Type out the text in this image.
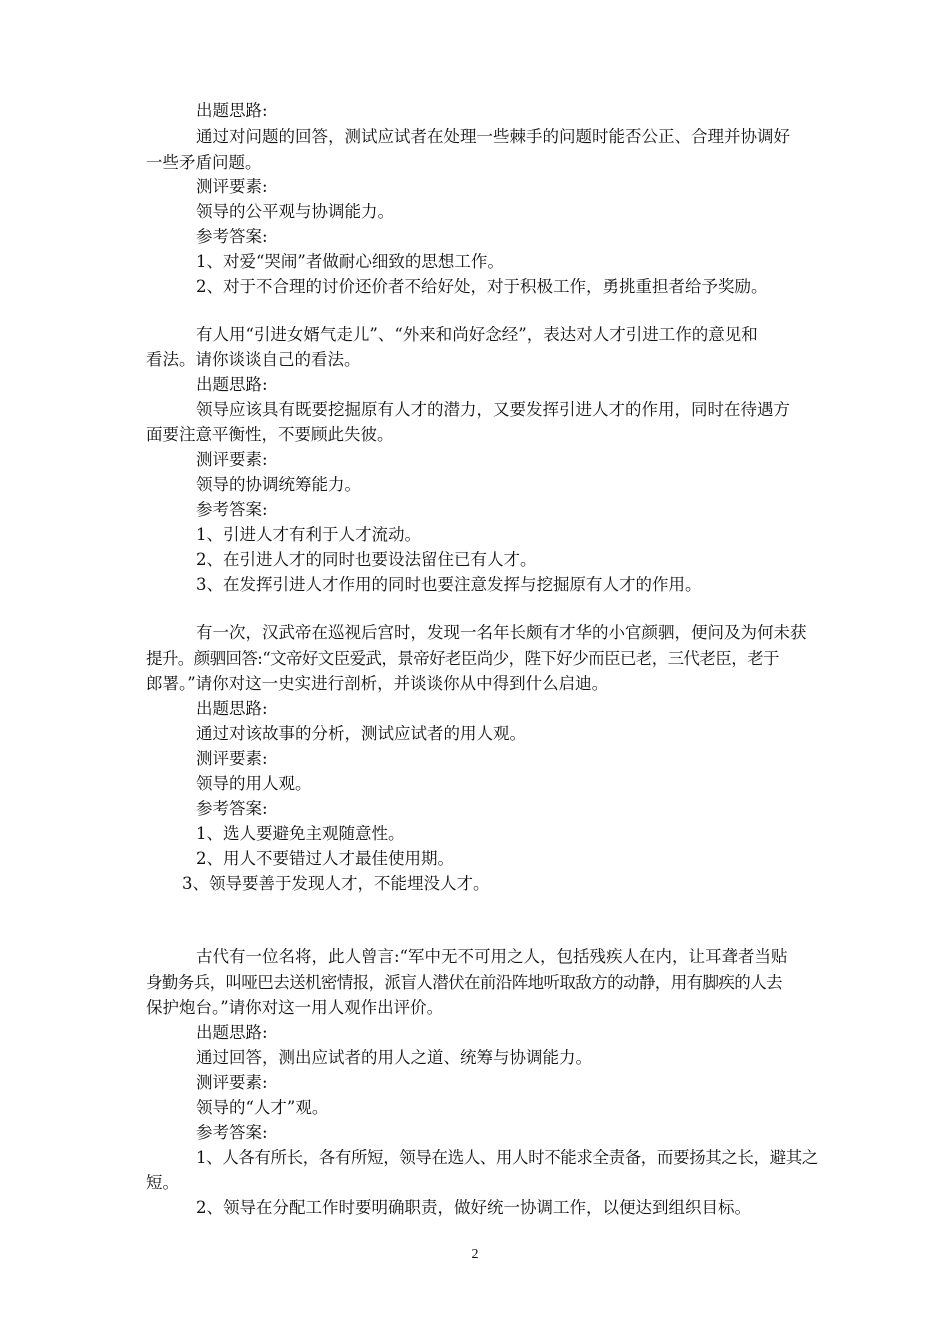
出题思路:
通过对问题的回答，测试应试者在处理一些棘手的问题时能否公正、合理并协调好
一些矛盾问题。
测评要素:
领导的公平观与协调能力。
参考答案:
1、对爱“哭闹”者做耐心细致的思想工作。
2、对于不合理的讨价还价者不给好处，对于积极工作，勇挑重担者给予奖励。
有人用“引进女婿气走儿”、“外来和尚好念经”，表达对人才引进工作的意见和
看法。请你谈谈自己的看法。
出题思路:
领导应该具有既要挖掘原有人才的潜力，又要发挥引进人才的作用，同时在待遇方
面要注意平衡性，不要顾此失彼。
测评要素:
领导的协调统筹能力。
参考答案:
1、引进人才有利于人才流动。
2、在引进人才的同时也要设法留住已有人才。
3、在发挥引进人才作用的同时也要注意发挥与挖掘原有人才的作用。
有一次，汉武帝在巡视后宫时，发现一名年长颇有才华的小官颜驷，便问及为何未获
提升。颜驷回答:“文帝好文臣爱武，景帝好老臣尚少，陛下好少而臣已老，三代老臣，老于
郎署。”请你对这一史实进行剖析，并谈谈你从中得到什么启迪。
出题思路:
通过对该故事的分析，测试应试者的用人观。
测评要素:
领导的用人观。
参考答案:
1、选人要避免主观随意性。
2、用人不要错过人才最佳使用期。
3、领导要善于发现人才，不能埋没人才。
古代有一位名将，此人曾言:“军中无不可用之人，包括残疾人在内，让耳聋者当贴
身勤务兵，叫哑巴去送机密情报，派盲人潜伏在前沿阵地听取敌方的动静，用有脚疾的人去
保护炮台。”请你对这一用人观作出评价。
出题思路:
通过回答，测出应试者的用人之道、统筹与协调能力。
测评要素:
领导的“人才”观。
参考答案:
1、人各有所长，各有所短，领导在选人、用人时不能求全责备，而要扬其之长，避其之
短。
2、领导在分配工作时要明确职责，做好统一协调工作，以便达到组织目标。
2
